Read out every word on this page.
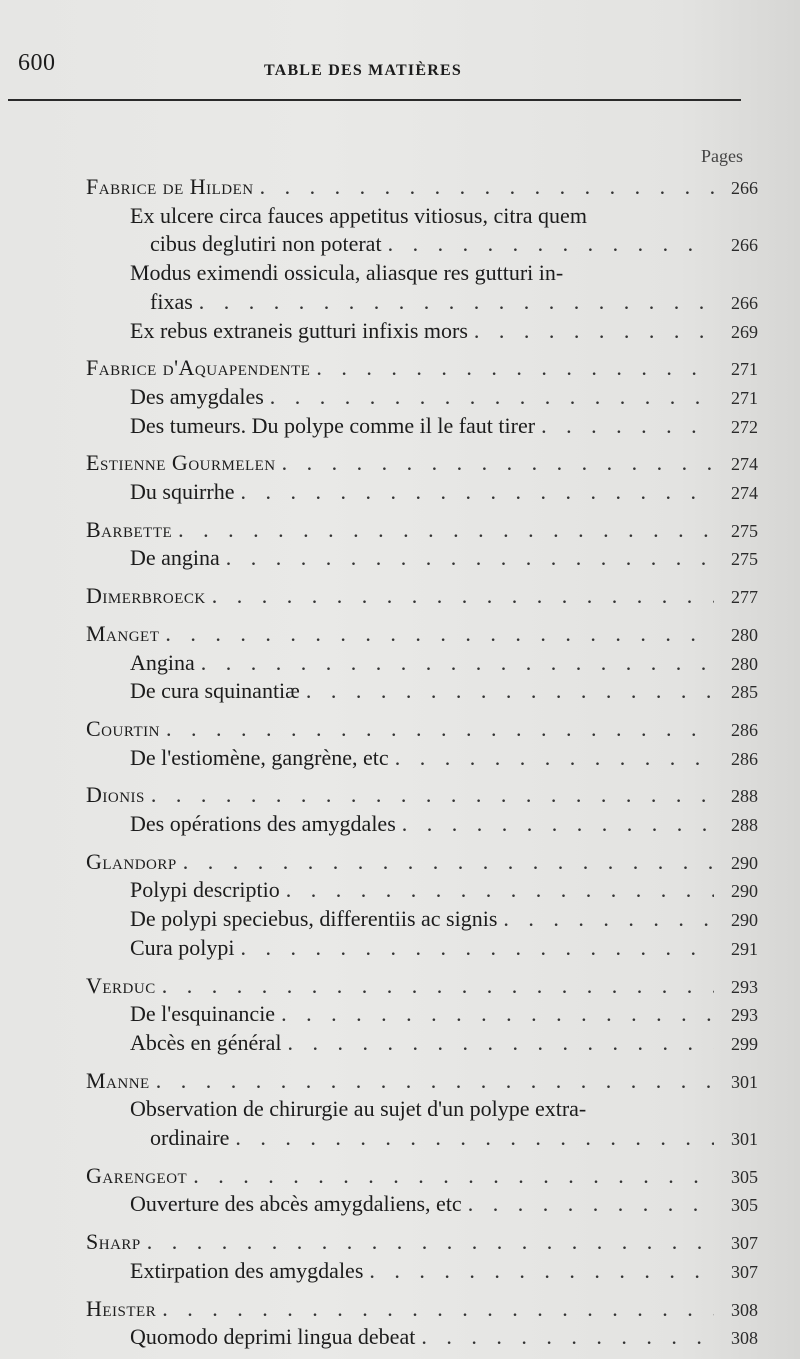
600	TABLE DES MATIÈRES
Pages
Fabrice de Hilden . . .	266
Ex ulcere circa fauces appetitus vitiosus, citra quem
cibus deglutiri non poterat . . .	266
Modus eximendi ossicula, aliasque res gutturi in-
fixas . . .	266
Ex rebus extraneis gutturi infixis mors . . .	269
Fabrice d'Aquapendente . . .	271
Des amygdales . . .	271
Des tumeurs. Du polype comme il le faut tirer . . .	272
Estienne Gourmelen . . .	274
Du squirrhe . . .	274
Barbette . . .	275
De angina . . .	275
Dimerbroeck . . .	277
Manget . . .	280
Angina . . .	280
De cura squinantiæ . . .	285
Courtin . . .	286
De l'estiomène, gangrène, etc . . .	286
Dionis . . .	288
Des opérations des amygdales . . .	288
Glandorp . . .	290
Polypi descriptio . . .	290
De polypi speciebus, differentiis ac signis . . .	290
Cura polypi . . .	291
Verduc . . .	293
De l'esquinancie . . .	293
Abcès en général . . .	299
Manne . . .	301
Observation de chirurgie au sujet d'un polype extra-
ordinaire . . .	301
Garengeot . . .	305
Ouverture des abcès amygdaliens, etc . . .	305
Sharp . . .	307
Extirpation des amygdales . . .	307
Heister . . .	308
Quomodo deprimi lingua debeat . . .	308
